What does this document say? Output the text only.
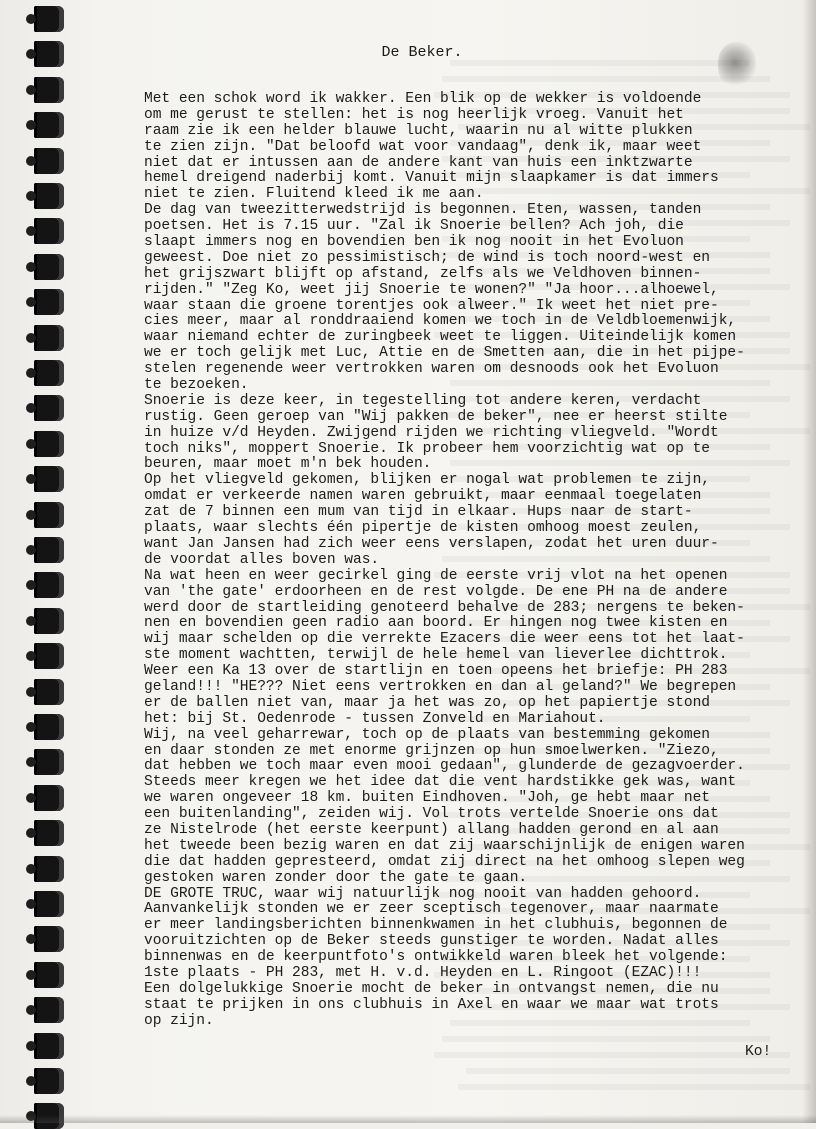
De Beker.
Met een schok word ik wakker. Een blik op de wekker is voldoende
om me gerust te stellen: het is nog heerlijk vroeg. Vanuit het
raam zie ik een helder blauwe lucht, waarin nu al witte plukken
te zien zijn. "Dat beloofd wat voor vandaag", denk ik, maar weet
niet dat er intussen aan de andere kant van huis een inktzwarte
hemel dreigend naderbij komt. Vanuit mijn slaapkamer is dat immers
niet te zien. Fluitend kleed ik me aan.
De dag van tweezitterwedstrijd is begonnen. Eten, wassen, tanden
poetsen. Het is 7.15 uur. "Zal ik Snoerie bellen? Ach joh, die
slaapt immers nog en bovendien ben ik nog nooit in het Evoluon
geweest. Doe niet zo pessimistisch; de wind is toch noord-west en
het grijszwart blijft op afstand, zelfs als we Veldhoven binnen-
rijden." "Zeg Ko, weet jij Snoerie te wonen?" "Ja hoor...alhoewel,
waar staan die groene torentjes ook alweer." Ik weet het niet pre-
cies meer, maar al ronddraaiend komen we toch in de Veldbloemenwijk,
waar niemand echter de zuringbeek weet te liggen. Uiteindelijk komen
we er toch gelijk met Luc, Attie en de Smetten aan, die in het pijpe-
stelen regenende weer vertrokken waren om desnoods ook het Evoluon
te bezoeken.
Snoerie is deze keer, in tegestelling tot andere keren, verdacht
rustig. Geen geroep van "Wij pakken de beker", nee er heerst stilte
in huize v/d Heyden. Zwijgend rijden we richting vliegveld. "Wordt
toch niks", moppert Snoerie. Ik probeer hem voorzichtig wat op te
beuren, maar moet m'n bek houden.
Op het vliegveld gekomen, blijken er nogal wat problemen te zijn,
omdat er verkeerde namen waren gebruikt, maar eenmaal toegelaten
zat de 7 binnen een mum van tijd in elkaar. Hups naar de start-
plaats, waar slechts één pipertje de kisten omhoog moest zeulen,
want Jan Jansen had zich weer eens verslapen, zodat het uren duur-
de voordat alles boven was.
Na wat heen en weer gecirkel ging de eerste vrij vlot na het openen
van 'the gate' erdoorheen en de rest volgde. De ene PH na de andere
werd door de startleiding genoteerd behalve de 283; nergens te beken-
nen en bovendien geen radio aan boord. Er hingen nog twee kisten en
wij maar schelden op die verrekte Ezacers die weer eens tot het laat-
ste moment wachtten, terwijl de hele hemel van lieverlee dichttrok.
Weer een Ka 13 over de startlijn en toen opeens het briefje: PH 283
geland!!! "HE??? Niet eens vertrokken en dan al geland?" We begrepen
er de ballen niet van, maar ja het was zo, op het papiertje stond
het: bij St. Oedenrode - tussen Zonveld en Mariahout.
Wij, na veel geharrewar, toch op de plaats van bestemming gekomen
en daar stonden ze met enorme grijnzen op hun smoelwerken. "Ziezo,
dat hebben we toch maar even mooi gedaan", glunderde de gezagvoerder.
Steeds meer kregen we het idee dat die vent hardstikke gek was, want
we waren ongeveer 18 km. buiten Eindhoven. "Joh, ge hebt maar net
een buitenlanding", zeiden wij. Vol trots vertelde Snoerie ons dat
ze Nistelrode (het eerste keerpunt) allang hadden gerond en al aan
het tweede been bezig waren en dat zij waarschijnlijk de enigen waren
die dat hadden gepresteerd, omdat zij direct na het omhoog slepen weg
gestoken waren zonder door the gate te gaan.
DE GROTE TRUC, waar wij natuurlijk nog nooit van hadden gehoord.
Aanvankelijk stonden we er zeer sceptisch tegenover, maar naarmate
er meer landingsberichten binnenkwamen in het clubhuis, begonnen de
vooruitzichten op de Beker steeds gunstiger te worden. Nadat alles
binnenwas en de keerpuntfoto's ontwikkeld waren bleek het volgende:
1ste plaats - PH 283, met H. v.d. Heyden en L. Ringoot (EZAC)!!!
Een dolgelukkige Snoerie mocht de beker in ontvangst nemen, die nu
staat te prijken in ons clubhuis in Axel en waar we maar wat trots
op zijn.
Ko!
